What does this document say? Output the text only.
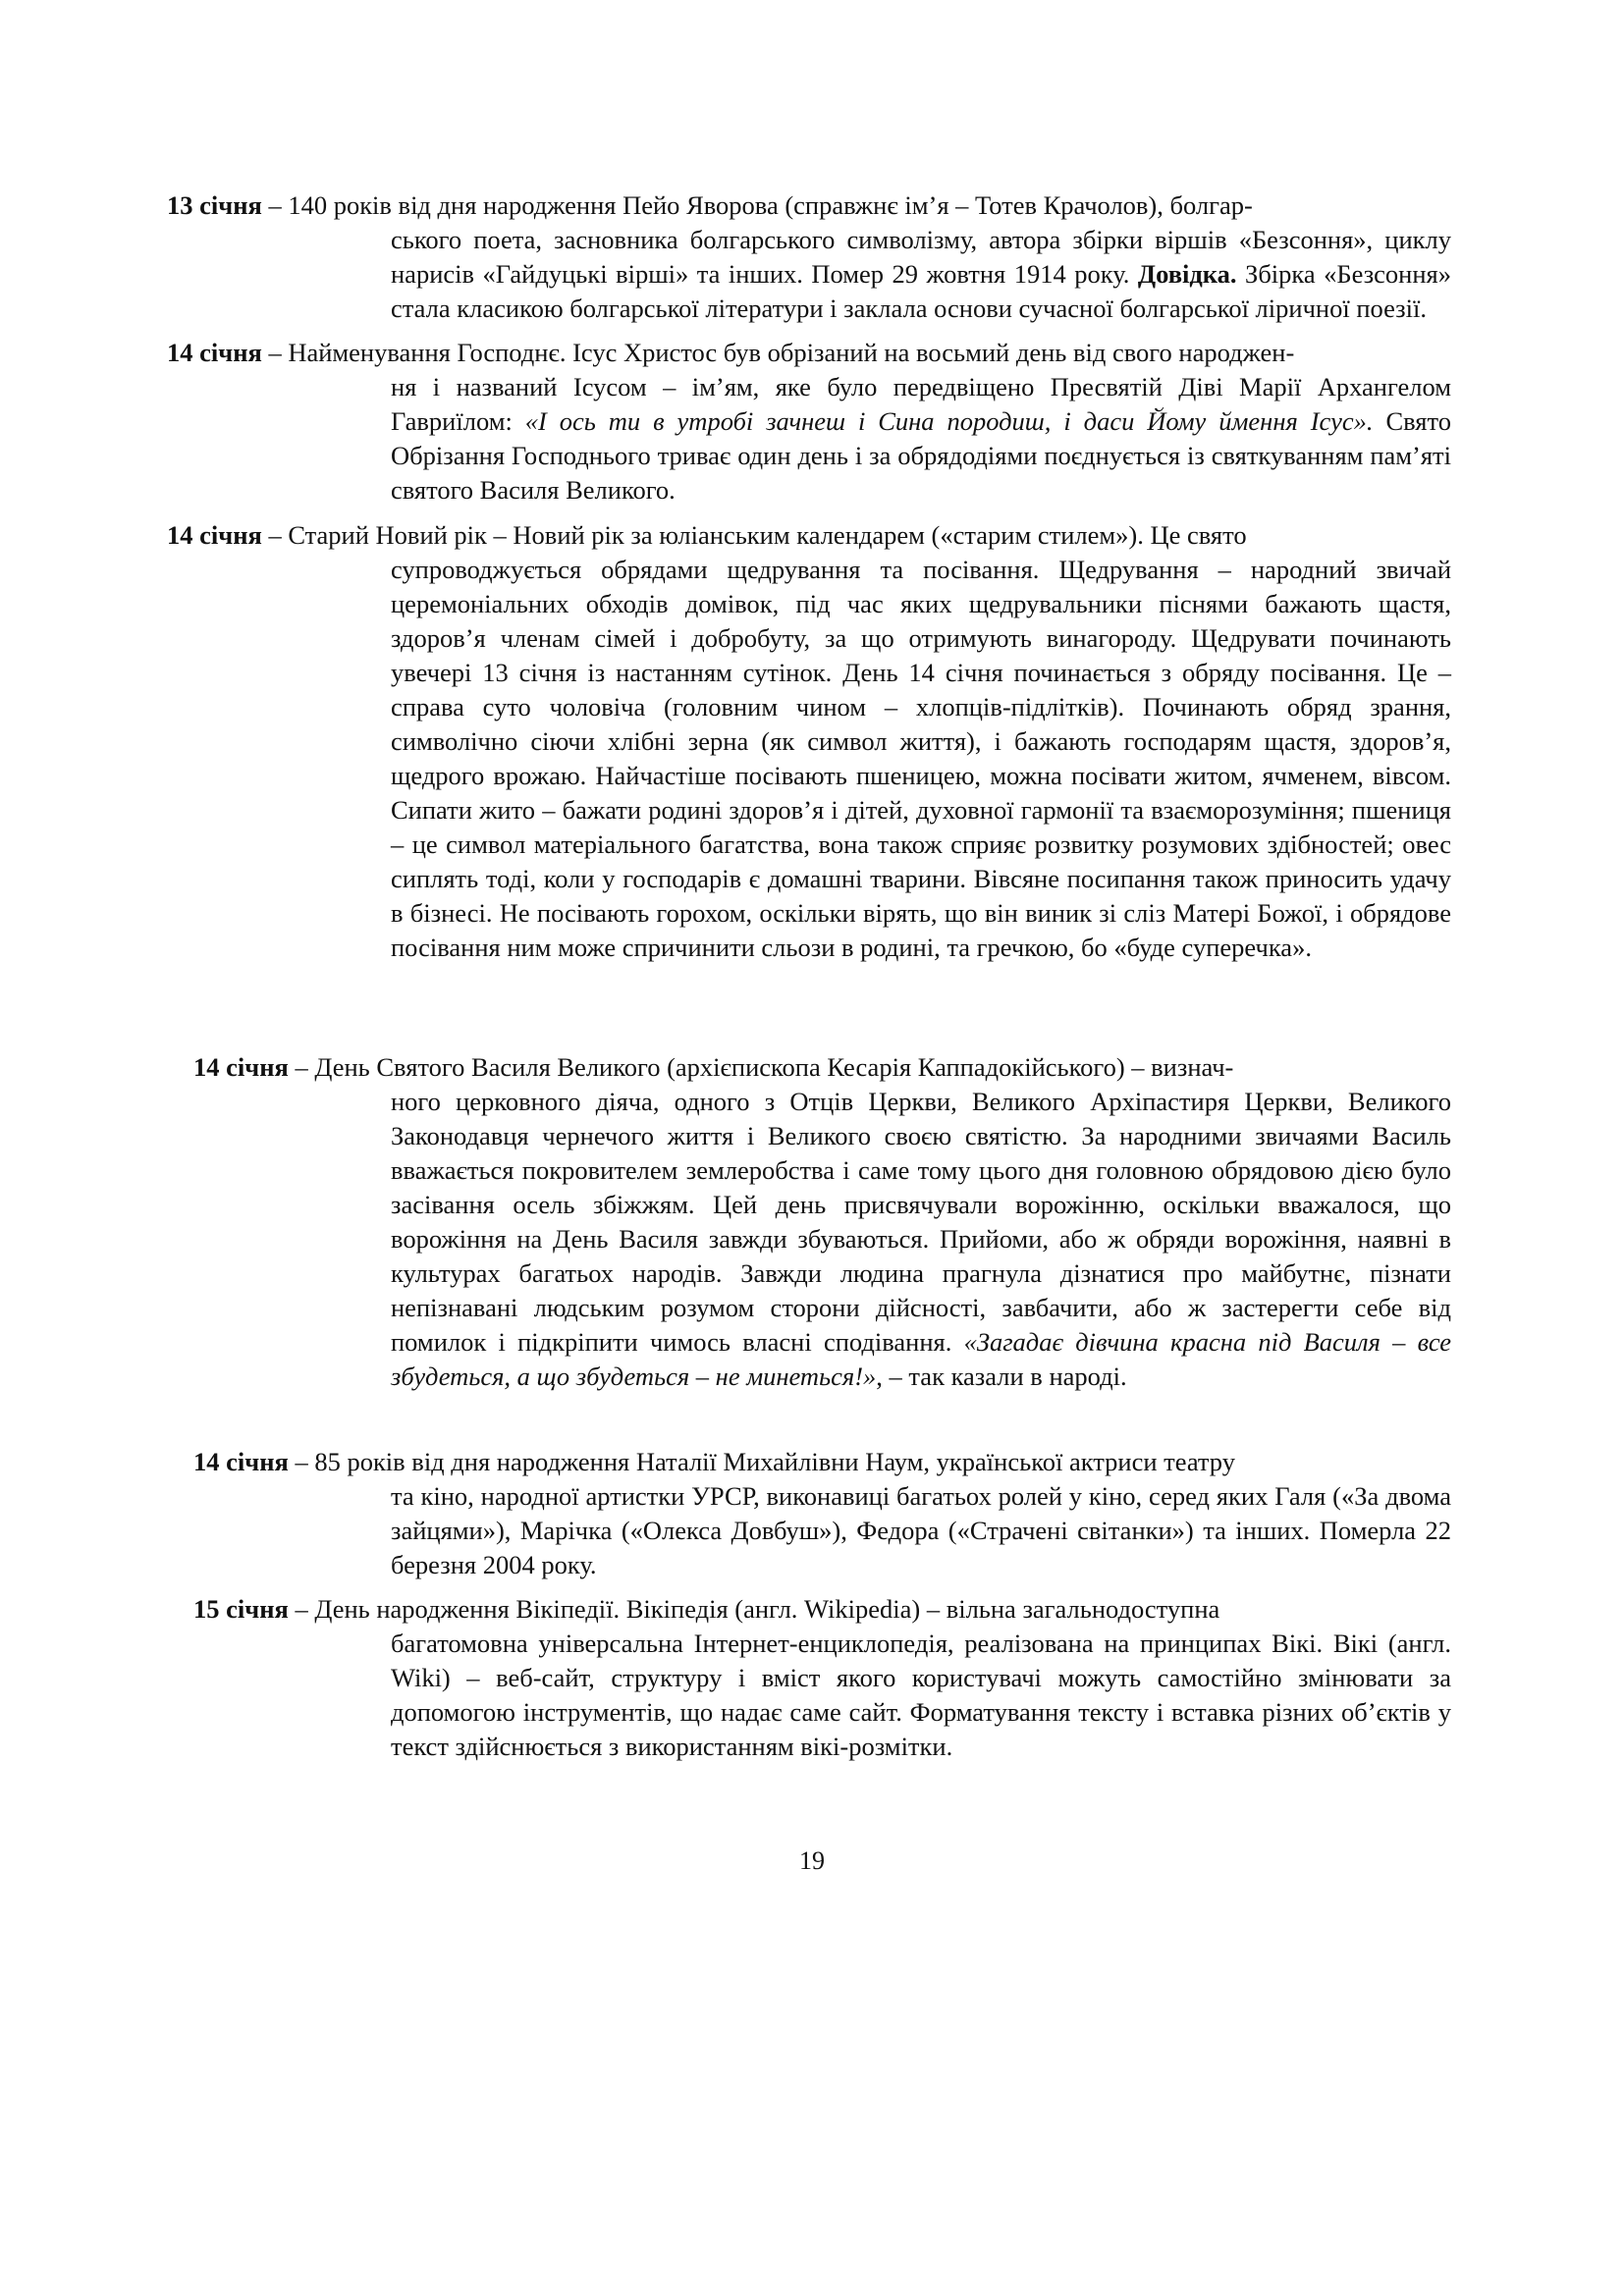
13 січня – 140 років від дня народження Пейо Яворова (справжнє ім’я – Тотев Крачолов), болгар-
ського поета, засновника болгарського символізму, автора збірки віршів «Безсоння», циклу нарисів «Гайдуцькі вірші» та інших. Помер 29 жовтня 1914 року. Довідка. Збірка «Безсоння» стала класикою болгарської літератури і заклала основи сучасної болгарської ліричної поезії.
14 січня – Найменування Господнє. Ісус Христос був обрізаний на восьмий день від свого народжен-
ня і названий Ісусом – ім’ям, яке було передвіщено Пресвятій Діві Марії Архангелом Гавриїлом: «І ось ти в утробі зачнеш і Сина породиш, і даси Йому ймення Ісус». Свято Обрізання Господнього триває один день і за обрядодіями поєднується із святкуванням пам’яті святого Василя Великого.
14 січня – Старий Новий рік – Новий рік за юліанським календарем («старим стилем»). Це свято
супроводжується обрядами щедрування та посівання. Щедрування – народний звичай церемоніальних обходів домівок, під час яких щедрувальники піснями бажають щастя, здоров’я членам сімей і добробуту, за що отримують винагороду. Щедрувати починають увечері 13 січня із настанням сутінок. День 14 січня починається з обряду посівання. Це – справа суто чоловіча (головним чином – хлопців-підлітків). Починають обряд зрання, символічно сіючи хлібні зерна (як символ життя), і бажають господарям щастя, здоров’я, щедрого врожаю. Найчастіше посівають пшеницею, можна посівати житом, ячменем, вівсом. Сипати жито – бажати родині здоров’я і дітей, духовної гармонії та взаєморозуміння; пшениця – це символ матеріального багатства, вона також сприяє розвитку розумових здібностей; овес сиплять тоді, коли у господарів є домашні тварини. Вівсяне посипання також приносить удачу в бізнесі. Не посівають горохом, оскільки вірять, що він виник зі сліз Матері Божої, і обрядове посівання ним може спричинити сльози в родині, та гречкою, бо «буде суперечка».
14 січня – День Святого Василя Великого (архієпископа Кесарія Каппадокійського) – визнач-
ного церковного діяча, одного з Отців Церкви, Великого Архіпастиря Церкви, Великого Законодавця чернечого життя і Великого своєю святістю. За народними звичаями Василь вважається покровителем землеробства і саме тому цього дня головною обрядовою дією було засівання осель збіжжям. Цей день присвячували ворожінню, оскільки вважалося, що ворожіння на День Василя завжди збуваються. Прийоми, або ж обряди ворожіння, наявні в культурах багатьох народів. Завжди людина прагнула дізнатися про майбутнє, пізнати непізнавані людським розумом сторони дійсності, завбачити, або ж застерегти себе від помилок і підкріпити чимось власні сподівання. «Загадає дівчина красна під Василя – все збудеться, а що збудеться – не минеться!», – так казали в народі.
14 січня – 85 років від дня народження Наталії Михайлівни Наум, української актриси театру
та кіно, народної артистки УРСР, виконавиці багатьох ролей у кіно, серед яких Галя («За двома зайцями»), Марічка («Олекса Довбуш»), Федора («Страчені світанки») та інших. Померла 22 березня 2004 року.
15 січня – День народження Вікіпедії. Вікіпедія (англ. Wikipedia) – вільна загальнодоступна
багатомовна універсальна Інтернет-енциклопедія, реалізована на принципах Вікі. Вікі (англ. Wiki) – веб-сайт, структуру і вміст якого користувачі можуть самостійно змінювати за допомогою інструментів, що надає саме сайт. Форматування тексту і вставка різних об’єктів у текст здійснюється з використанням вікі-розмітки.
19
